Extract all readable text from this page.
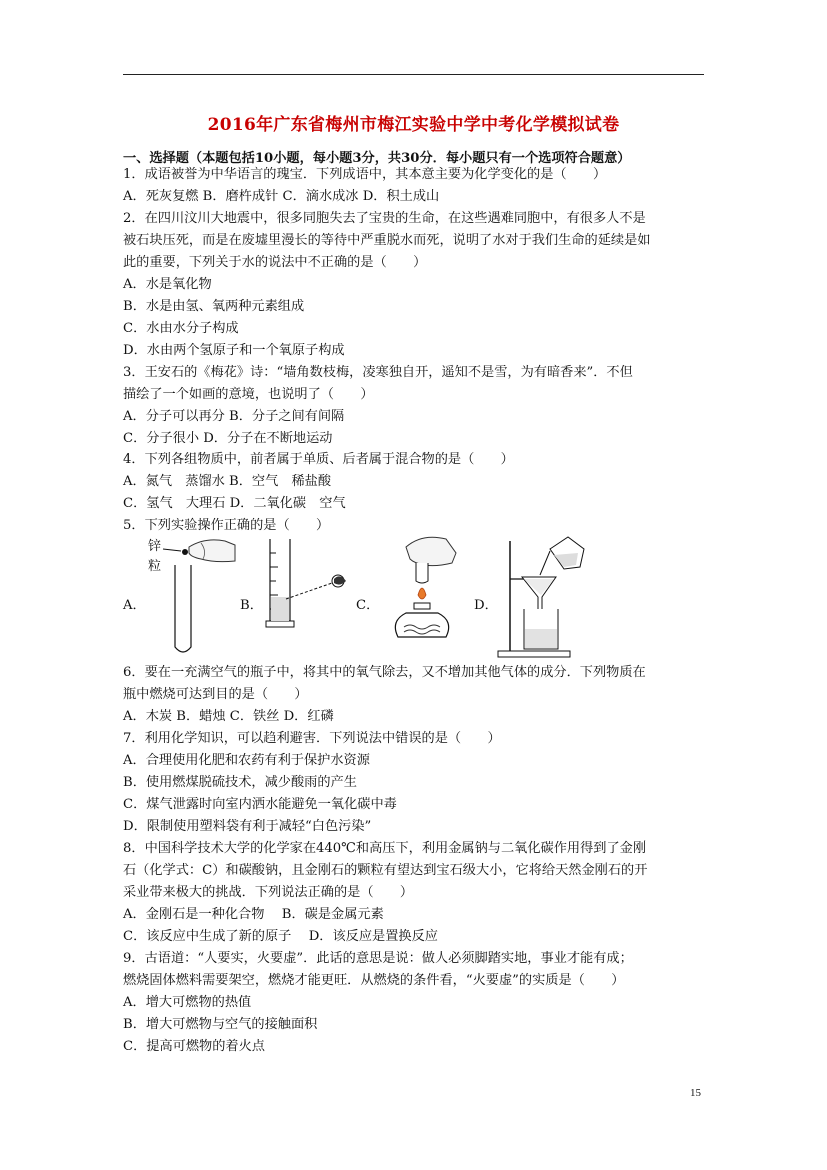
2016年广东省梅州市梅江实验中学中考化学模拟试卷
一、选择题（本题包括10小题，每小题3分，共30分．每小题只有一个选项符合题意）
1．成语被誉为中华语言的瑰宝．下列成语中，其本意主要为化学变化的是（　　）
A．死灰复燃 B．磨杵成针 C．滴水成冰 D．积土成山
2．在四川汶川大地震中，很多同胞失去了宝贵的生命，在这些遇难同胞中，有很多人不是
被石块压死，而是在废墟里漫长的等待中严重脱水而死，说明了水对于我们生命的延续是如
此的重要，下列关于水的说法中不正确的是（　　）
A．水是氧化物
B．水是由氢、氧两种元素组成
C．水由水分子构成
D．水由两个氢原子和一个氧原子构成
3．王安石的《梅花》诗：“墙角数枝梅，凌寒独自开，遥知不是雪，为有暗香来”．不但
描绘了一个如画的意境，也说明了（　　）
A．分子可以再分 B．分子之间有间隔
C．分子很小 D．分子在不断地运动
4．下列各组物质中，前者属于单质、后者属于混合物的是（　　）
A．氮气　蒸馏水 B．空气　稀盐酸
C．氢气　大理石 D．二氧化碳　空气
5．下列实验操作正确的是（　　）
A．
锌
粒
B．	C．	D．
6．要在一充满空气的瓶子中，将其中的氧气除去，又不增加其他气体的成分．下列物质在
瓶中燃烧可达到目的是（　　）
A．木炭 B．蜡烛 C．铁丝 D．红磷
7．利用化学知识，可以趋利避害．下列说法中错误的是（　　）
A．合理使用化肥和农药有利于保护水资源
B．使用燃煤脱硫技术，减少酸雨的产生
C．煤气泄露时向室内洒水能避免一氧化碳中毒
D．限制使用塑料袋有利于减轻“白色污染”
8．中国科学技术大学的化学家在440℃和高压下，利用金属钠与二氧化碳作用得到了金刚
石（化学式：C）和碳酸钠，且金刚石的颗粒有望达到宝石级大小，它将给天然金刚石的开
采业带来极大的挑战．下列说法正确的是（　　）
A．金刚石是一种化合物　 B．碳是金属元素
C．该反应中生成了新的原子　 D．该反应是置换反应
9．古语道：“人要实，火要虚”．此话的意思是说：做人必须脚踏实地，事业才能有成；
燃烧固体燃料需要架空，燃烧才能更旺．从燃烧的条件看，“火要虚”的实质是（　　）
A．增大可燃物的热值
B．增大可燃物与空气的接触面积
C．提高可燃物的着火点
15
